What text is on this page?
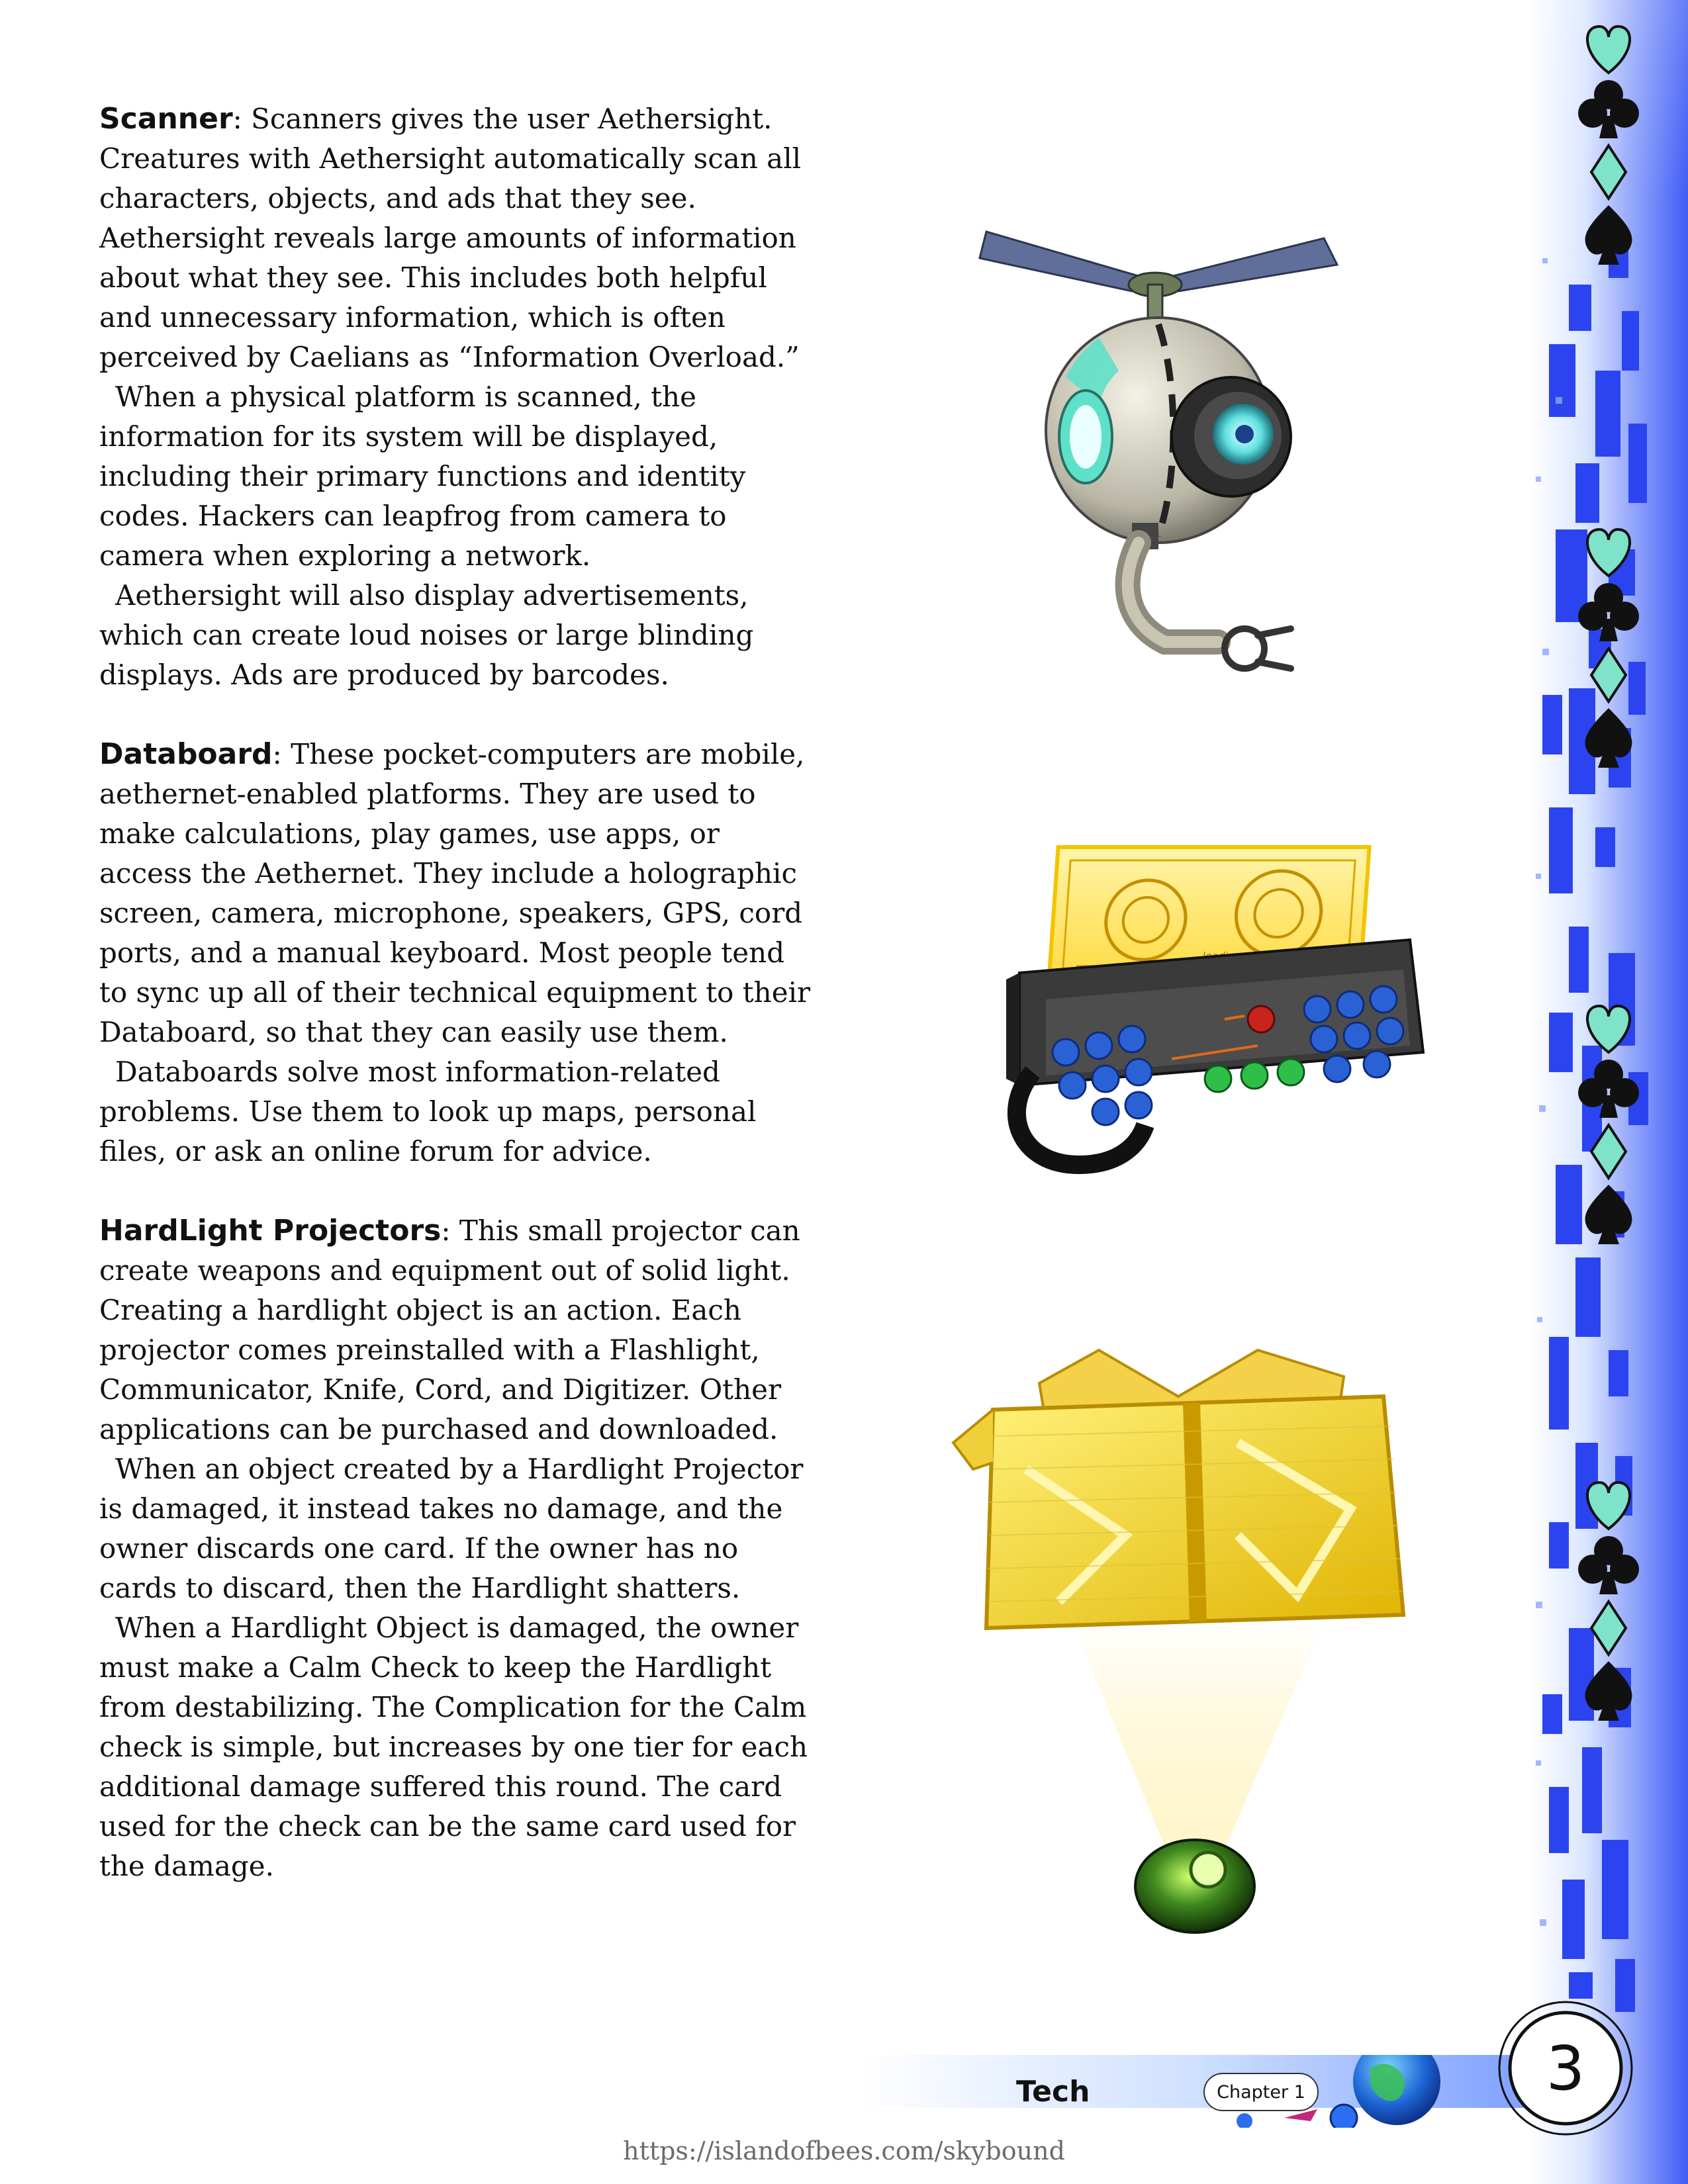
Scanner: Scanners gives the user Aethersight. Creatures with Aethersight automatically scan all characters, objects, and ads that they see. Aethersight reveals large amounts of information about what they see. This includes both helpful and unnecessary information, which is often perceived by Caelians as “Information Overload.”

When a physical platform is scanned, the information for its system will be displayed, including their primary functions and identity codes. Hackers can leapfrog from camera to camera when exploring a network.

Aethersight will also display advertisements, which can create loud noises or large blinding displays. Ads are produced by barcodes.

Databoard: These pocket-computers are mobile, aethernet-enabled platforms. They are used to make calculations, play games, use apps, or access the Aethernet. They include a holographic screen, camera, microphone, speakers, GPS, cord ports, and a manual keyboard. Most people tend to sync up all of their technical equipment to their Databoard, so that they can easily use them.

Databoards solve most information-related problems. Use them to look up maps, personal files, or ask an online forum for advice.

HardLight Projectors: This small projector can create weapons and equipment out of solid light. Creating a hardlight object is an action. Each projector comes preinstalled with a Flashlight, Communicator, Knife, Cord, and Digitizer. Other applications can be purchased and downloaded.

When an object created by a Hardlight Projector is damaged, it instead takes no damage, and the owner discards one card. If the owner has no cards to discard, then the Hardlight shatters.

When a Hardlight Object is damaged, the owner must make a Calm Check to keep the Hardlight from destabilizing. The Complication for the Calm check is simple, but increases by one tier for each additional damage suffered this round. The card used for the check can be the same card used for the damage.

Tech	Chapter 1	3
https://islandofbees.com/skybound
